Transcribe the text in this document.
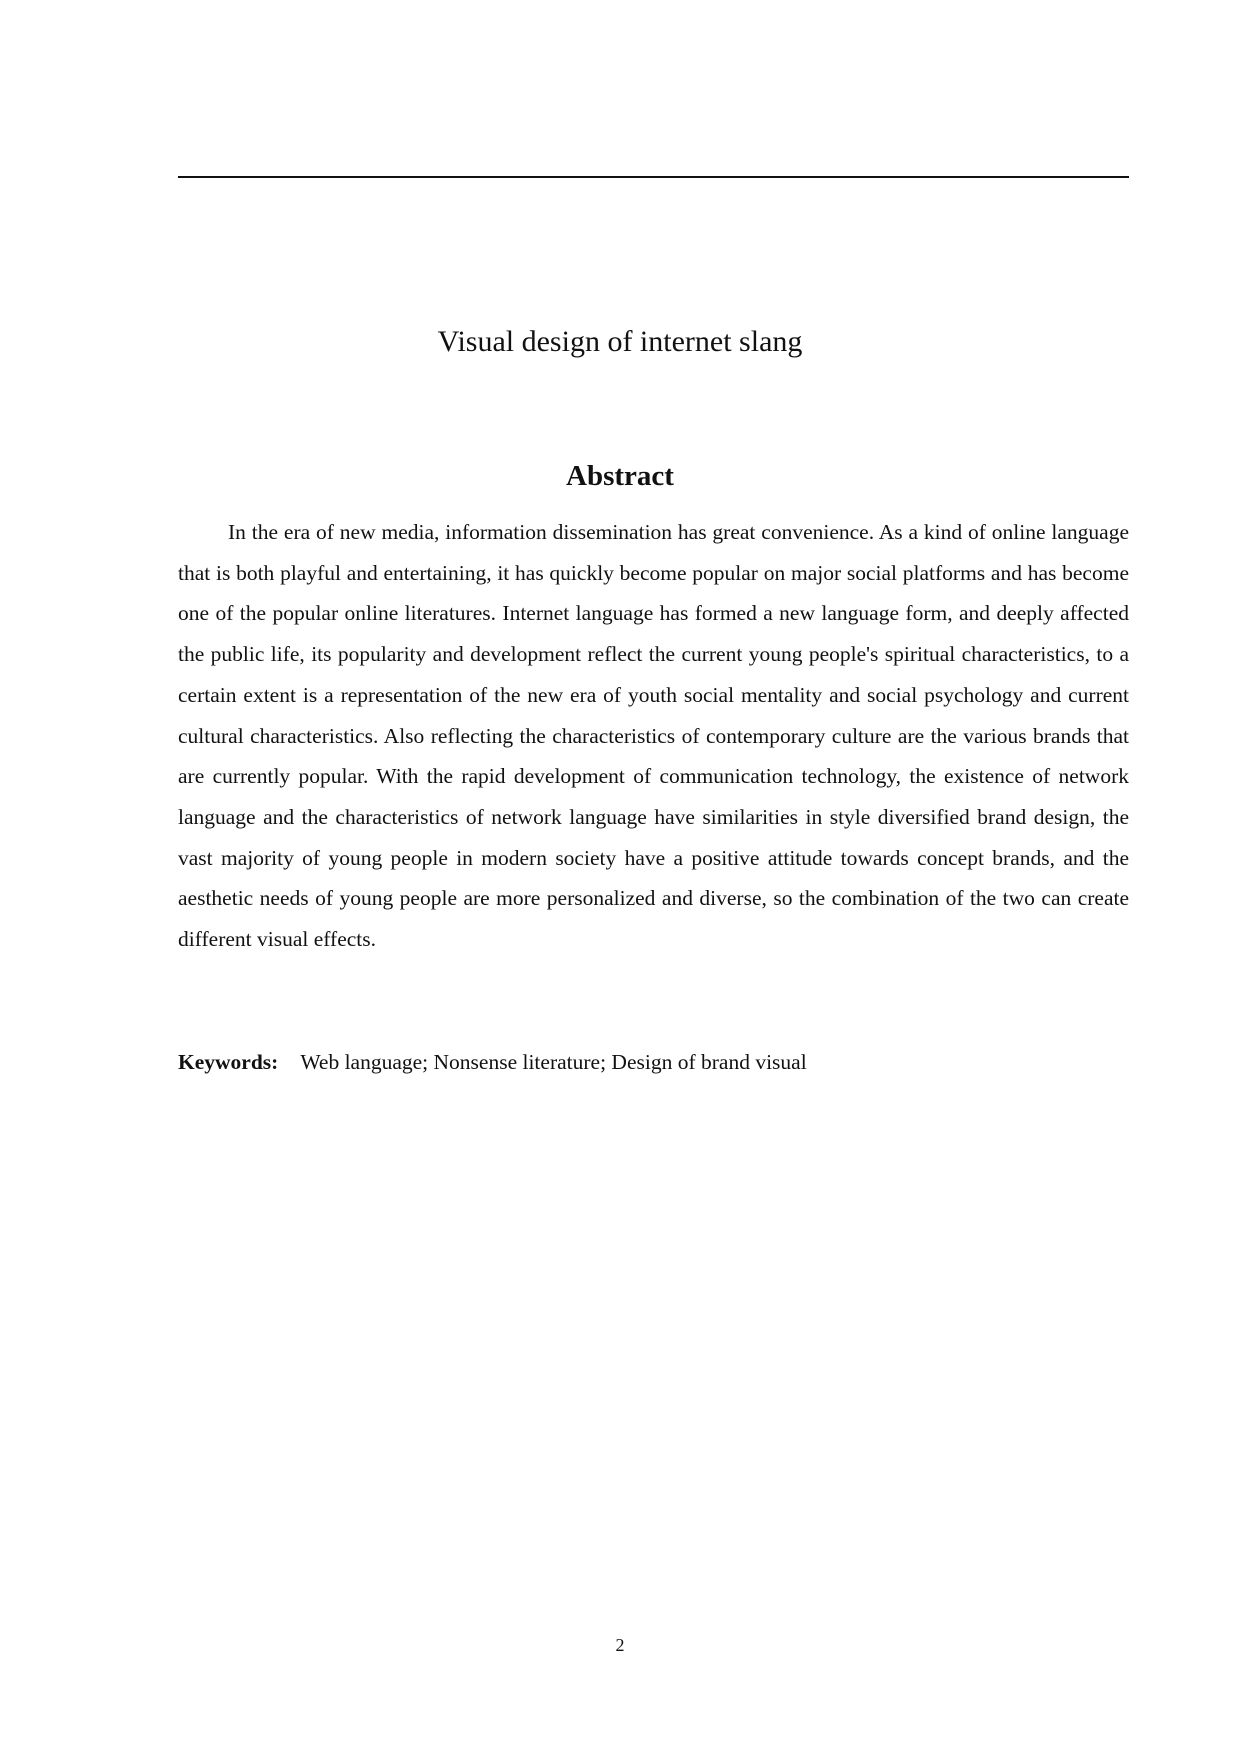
Visual design of internet slang
Abstract

In the era of new media, information dissemination has great convenience. As a kind of online language that is both playful and entertaining, it has quickly become popular on major social platforms and has become one of the popular online literatures. Internet language has formed a new language form, and deeply affected the public life, its popularity and development reflect the current young people's spiritual characteristics, to a certain extent is a representation of the new era of youth social mentality and social psychology and current cultural characteristics. Also reflecting the characteristics of contemporary culture are the various brands that are currently popular. With the rapid development of communication technology, the existence of network language and the characteristics of network language have similarities in style diversified brand design, the vast majority of young people in modern society have a positive attitude towards concept brands, and the aesthetic needs of young people are more personalized and diverse, so the combination of the two can create different visual effects.

Keywords: Web language; Nonsense literature; Design of brand visual

2
